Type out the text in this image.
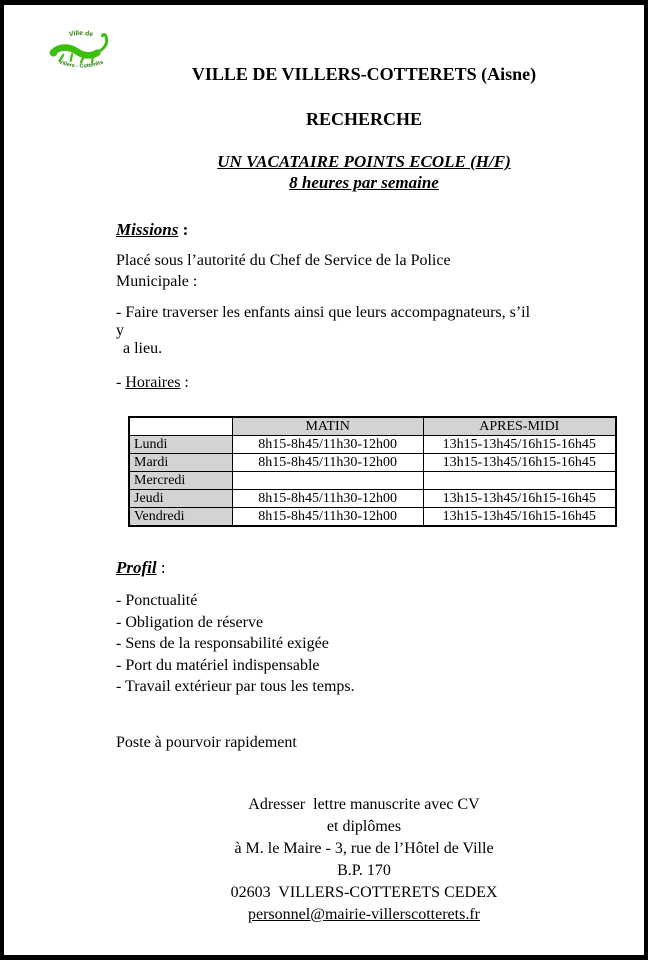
Ville de
Villers - Cotterêts
VILLE DE VILLERS-COTTERETS (Aisne)
RECHERCHE
UN VACATAIRE POINTS ECOLE (H/F)
8 heures par semaine
Missions :
Placé sous l’autorité du Chef de Service de la Police
Municipale :
- Faire traverser les enfants ainsi que leurs accompagnateurs, s’il
y
a lieu.
- Horaires :
	MATIN	APRES-MIDI
Lundi	8h15-8h45/11h30-12h00	13h15-13h45/16h15-16h45
Mardi	8h15-8h45/11h30-12h00	13h15-13h45/16h15-16h45
Mercredi		
Jeudi	8h15-8h45/11h30-12h00	13h15-13h45/16h15-16h45
Vendredi	8h15-8h45/11h30-12h00	13h15-13h45/16h15-16h45
Profil :
- Ponctualité
- Obligation de réserve
- Sens de la responsabilité exigée
- Port du matériel indispensable
- Travail extérieur par tous les temps.
Poste à pourvoir rapidement
Adresser  lettre manuscrite avec CV
et diplômes
à M. le Maire - 3, rue de l’Hôtel de Ville
B.P. 170
02603  VILLERS-COTTERETS CEDEX
personnel@mairie-villerscotterets.fr
